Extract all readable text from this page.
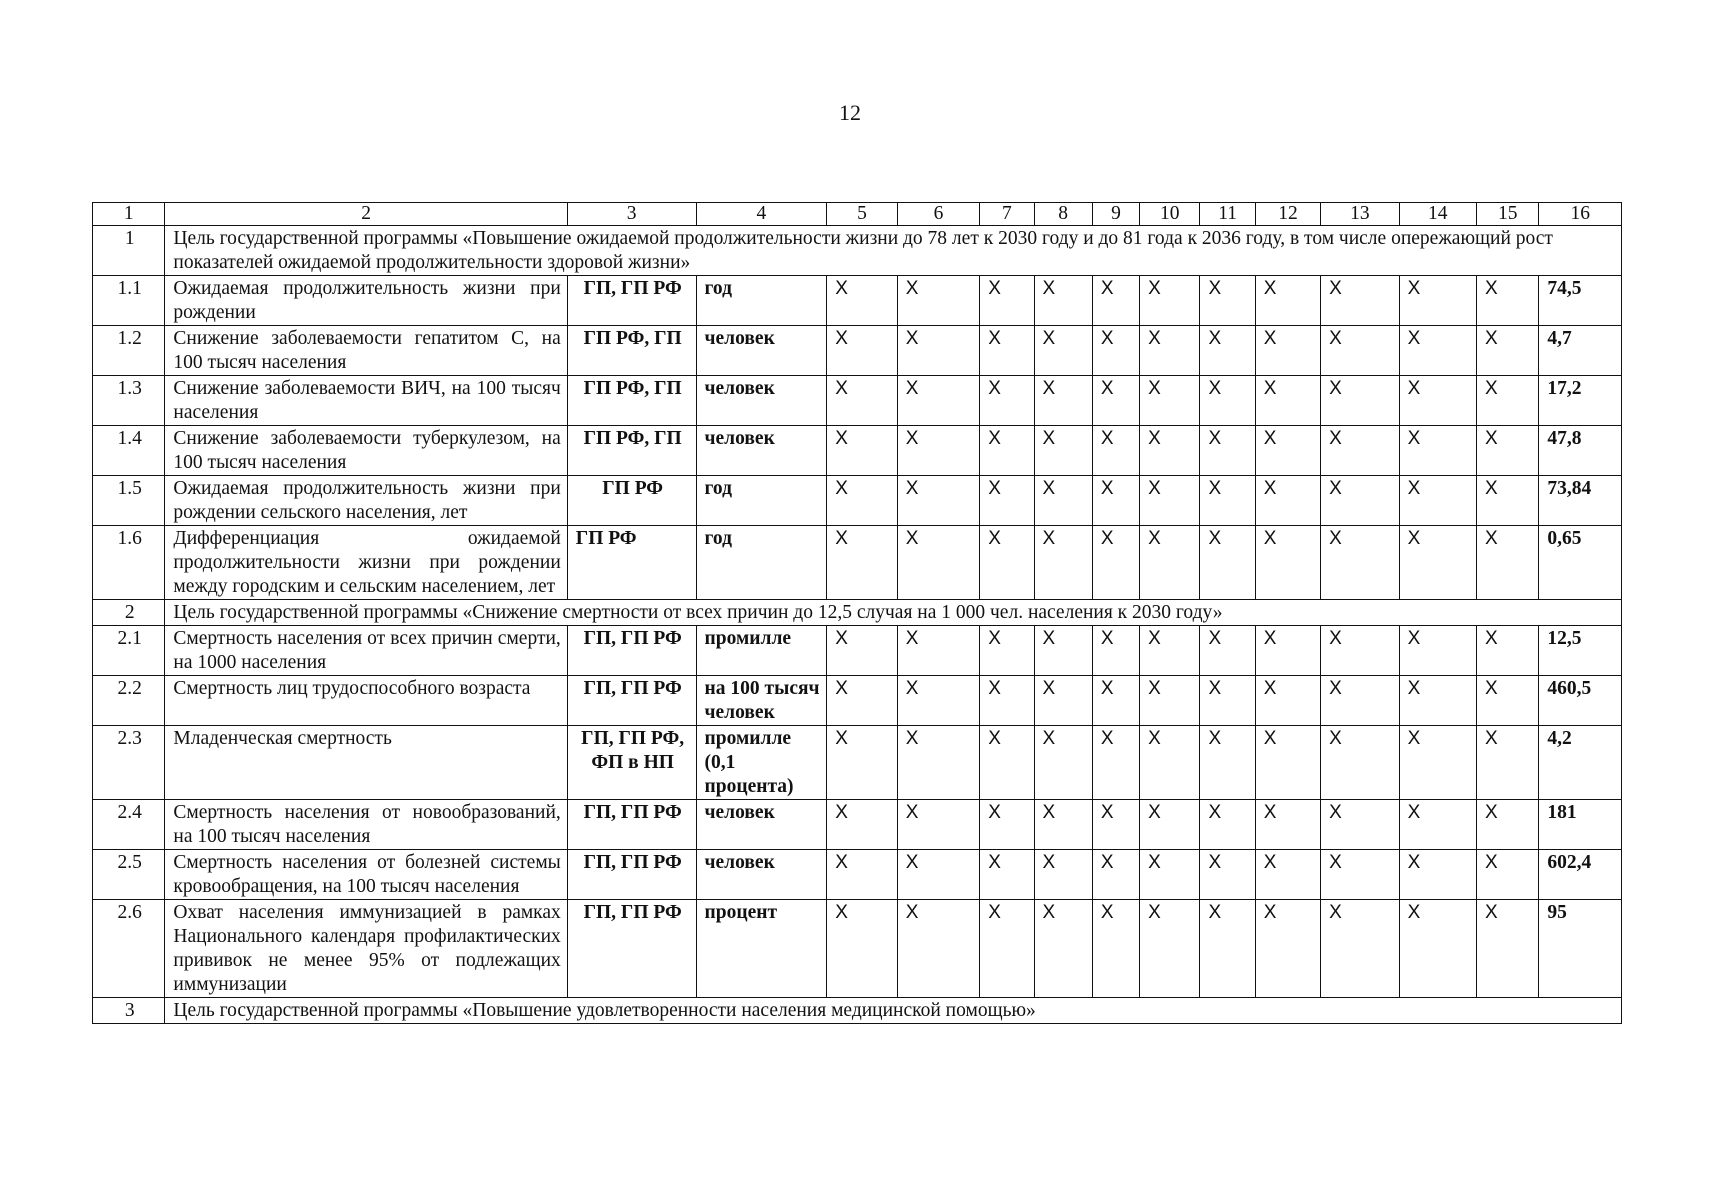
12
1	2	3	4	5	6	7	8	9	10	11	12	13	14	15	16
1	Цель государственной программы «Повышение ожидаемой продолжительности жизни до 78 лет к 2030 году и до 81 года к 2036 году, в том числе опережающий рост показателей ожидаемой продолжительности здоровой жизни»														
1.1	Ожидаемая продолжительность жизни при рождении	ГП, ГП РФ	год	Х	Х	Х	Х	Х	Х	Х	Х	Х	Х	Х	74,5
1.2	Снижение заболеваемости гепатитом С, на 100 тысяч населения	ГП РФ, ГП	человек	Х	Х	Х	Х	Х	Х	Х	Х	Х	Х	Х	4,7
1.3	Снижение заболеваемости ВИЧ, на 100 тысяч населения	ГП РФ, ГП	человек	Х	Х	Х	Х	Х	Х	Х	Х	Х	Х	Х	17,2
1.4	Снижение заболеваемости туберкулезом, на 100 тысяч населения	ГП РФ, ГП	человек	Х	Х	Х	Х	Х	Х	Х	Х	Х	Х	Х	47,8
1.5	Ожидаемая продолжительность жизни при рождении сельского населения, лет	ГП РФ	год	Х	Х	Х	Х	Х	Х	Х	Х	Х	Х	Х	73,84
1.6	Дифференциация ожидаемой продолжительности жизни при рождении между городским и сельским населением, лет	ГП РФ	год	Х	Х	Х	Х	Х	Х	Х	Х	Х	Х	Х	0,65
2	Цель государственной программы «Снижение смертности от всех причин до 12,5 случая на 1 000 чел. населения к 2030 году»														
2.1	Смертность населения от всех причин смерти, на 1000 населения	ГП, ГП РФ	промилле	Х	Х	Х	Х	Х	Х	Х	Х	Х	Х	Х	12,5
2.2	Смертность лиц трудоспособного возраста	ГП, ГП РФ	на 100 тысяч человек	Х	Х	Х	Х	Х	Х	Х	Х	Х	Х	Х	460,5
2.3	Младенческая смертность	ГП, ГП РФ, ФП в НП	промилле (0,1 процента)	Х	Х	Х	Х	Х	Х	Х	Х	Х	Х	Х	4,2
2.4	Смертность населения от новообразований, на 100 тысяч населения	ГП, ГП РФ	человек	Х	Х	Х	Х	Х	Х	Х	Х	Х	Х	Х	181
2.5	Смертность населения от болезней системы кровообращения, на 100 тысяч населения	ГП, ГП РФ	человек	Х	Х	Х	Х	Х	Х	Х	Х	Х	Х	Х	602,4
2.6	Охват населения иммунизацией в рамках Национального календаря профилактических прививок не менее 95% от подлежащих иммунизации	ГП, ГП РФ	процент	Х	Х	Х	Х	Х	Х	Х	Х	Х	Х	Х	95
3	Цель государственной программы «Повышение удовлетворенности населения медицинской помощью»														
